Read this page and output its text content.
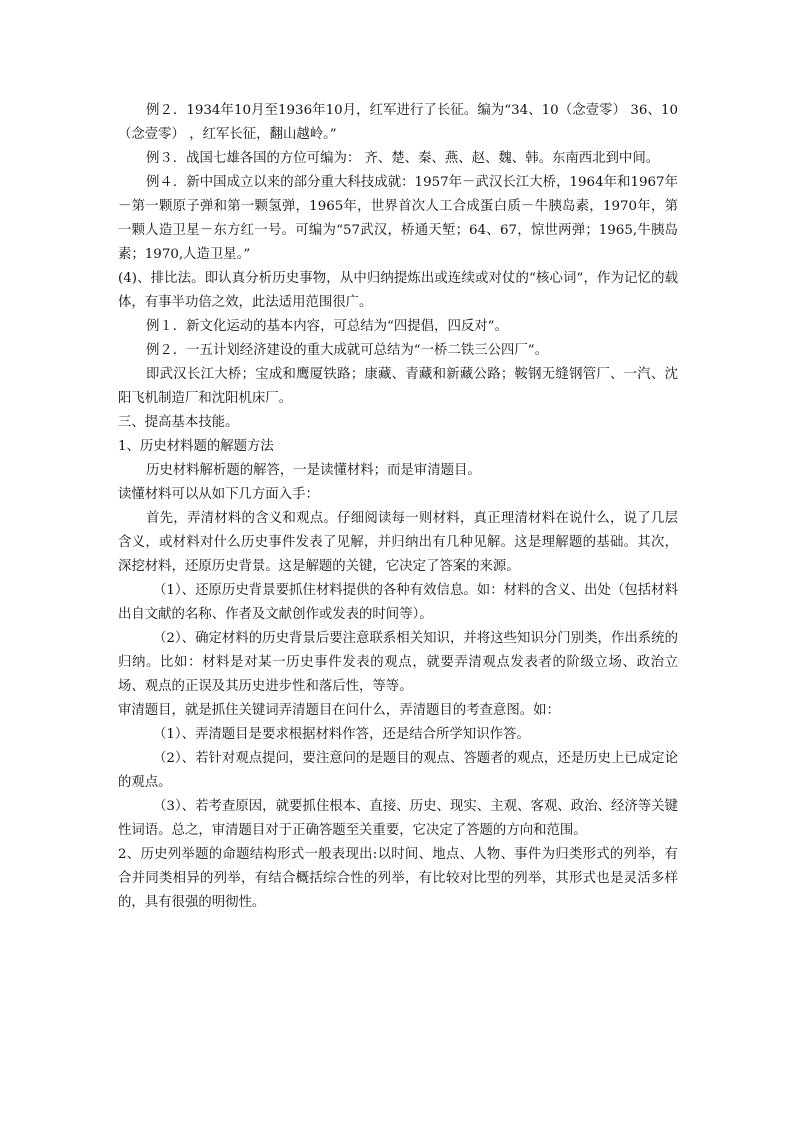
例２．1934年10月至1936年10月，红军进行了长征。编为“34、10（念壹零） 36、10（念壹零） ，红军长征，翻山越岭。”

例３．战国七雄各国的方位可编为： 齐、楚、秦、燕、赵、魏、韩。东南西北到中间。

例４．新中国成立以来的部分重大科技成就：1957年－武汉长江大桥，1964年和1967年－第一颗原子弹和第一颗氢弹，1965年，世界首次人工合成蛋白质－牛胰岛素，1970年，第一颗人造卫星－东方红一号。可编为“57武汉，桥通天堑；64、67，惊世两弹；1965,牛胰岛素；1970,人造卫星。”

(4)、排比法。即认真分析历史事物，从中归纳提炼出或连续或对仗的“核心词”，作为记忆的载体，有事半功倍之效，此法适用范围很广。

例１．新文化运动的基本内容，可总结为“四提倡，四反对”。

例２．一五计划经济建设的重大成就可总结为“一桥二铁三公四厂”。

即武汉长江大桥；宝成和鹰厦铁路；康藏、青藏和新藏公路；鞍钢无缝钢管厂、一汽、沈阳飞机制造厂和沈阳机床厂。

三、提高基本技能。

1、历史材料题的解题方法

历史材料解析题的解答，一是读懂材料；而是审清题目。

读懂材料可以从如下几方面入手：

首先，弄清材料的含义和观点。仔细阅读每一则材料，真正理清材料在说什么，说了几层含义，或材料对什么历史事件发表了见解，并归纳出有几种见解。这是理解题的基础。其次，深挖材料，还原历史背景。这是解题的关键，它决定了答案的来源。

（1）、还原历史背景要抓住材料提供的各种有效信息。如：材料的含义、出处（包括材料出自文献的名称、作者及文献创作或发表的时间等）。

（2）、确定材料的历史背景后要注意联系相关知识，并将这些知识分门别类，作出系统的归纳。比如：材料是对某一历史事件发表的观点，就要弄清观点发表者的阶级立场、政治立场、观点的正误及其历史进步性和落后性，等等。

审清题目，就是抓住关键词弄清题目在问什么，弄清题目的考查意图。如：

（1）、弄清题目是要求根据材料作答，还是结合所学知识作答。

（2）、若针对观点提问，要注意问的是题目的观点、答题者的观点，还是历史上已成定论的观点。

（3）、若考查原因，就要抓住根本、直接、历史、现实、主观、客观、政治、经济等关键性词语。总之，审清题目对于正确答题至关重要，它决定了答题的方向和范围。

2、历史列举题的命题结构形式一般表现出:以时间、地点、人物、事件为归类形式的列举，有合并同类相异的列举，有结合概括综合性的列举，有比较对比型的列举，其形式也是灵活多样的，具有很强的明彻性。
